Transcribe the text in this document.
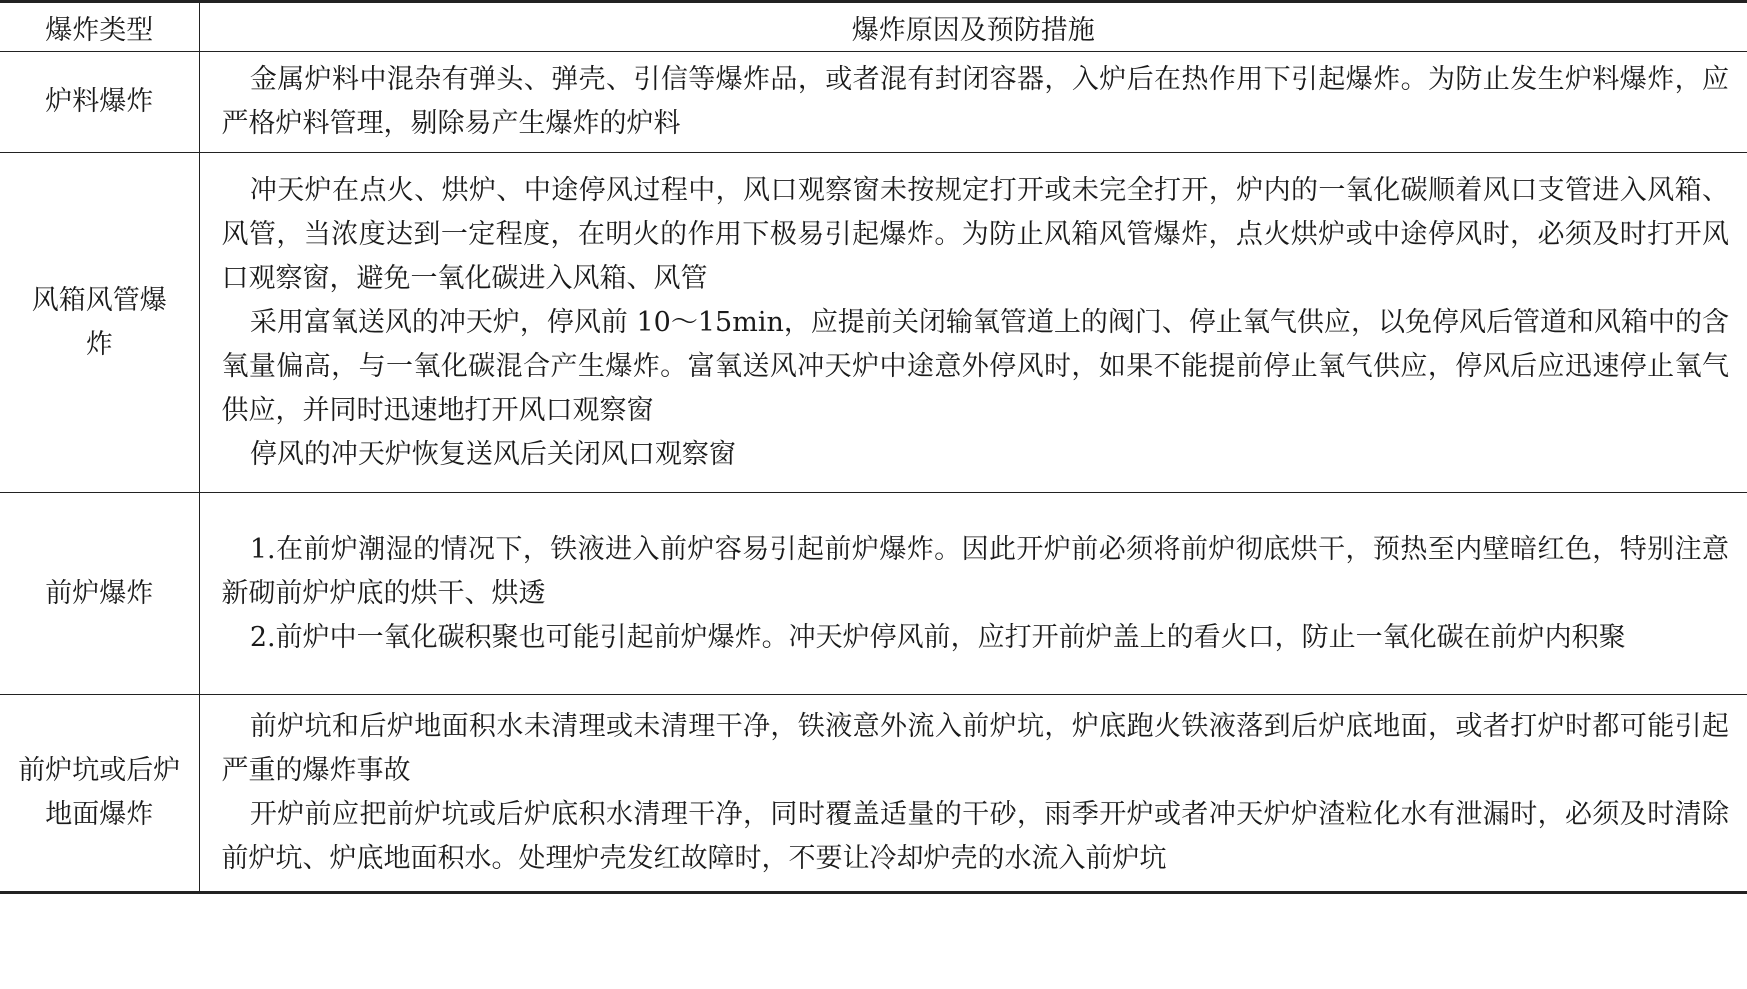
爆炸类型	爆炸原因及预防措施
炉料爆炸	金属炉料中混杂有弹头、弹壳、引信等爆炸品，或者混有封闭容器，入炉后在热作用下引起爆炸。为防止发生炉料爆炸，应严格炉料管理，剔除易产生爆炸的炉料

风箱风管爆炸	冲天炉在点火、烘炉、中途停风过程中，风口观察窗未按规定打开或未完全打开，炉内的一氧化碳顺着风口支管进入风箱、风管，当浓度达到一定程度，在明火的作用下极易引起爆炸。为防止风箱风管爆炸，点火烘炉或中途停风时，必须及时打开风口观察窗，避免一氧化碳进入风箱、风管

采用富氧送风的冲天炉，停风前 10～15min，应提前关闭输氧管道上的阀门、停止氧气供应，以免停风后管道和风箱中的含氧量偏高，与一氧化碳混合产生爆炸。富氧送风冲天炉中途意外停风时，如果不能提前停止氧气供应，停风后应迅速停止氧气供应，并同时迅速地打开风口观察窗

停风的冲天炉恢复送风后关闭风口观察窗

前炉爆炸	1.在前炉潮湿的情况下，铁液进入前炉容易引起前炉爆炸。因此开炉前必须将前炉彻底烘干，预热至内壁暗红色，特别注意新砌前炉炉底的烘干、烘透

2.前炉中一氧化碳积聚也可能引起前炉爆炸。冲天炉停风前，应打开前炉盖上的看火口，防止一氧化碳在前炉内积聚

前炉坑或后炉地面爆炸	前炉坑和后炉地面积水未清理或未清理干净，铁液意外流入前炉坑，炉底跑火铁液落到后炉底地面，或者打炉时都可能引起严重的爆炸事故

开炉前应把前炉坑或后炉底积水清理干净，同时覆盖适量的干砂，雨季开炉或者冲天炉炉渣粒化水有泄漏时，必须及时清除前炉坑、炉底地面积水。处理炉壳发红故障时，不要让冷却炉壳的水流入前炉坑
